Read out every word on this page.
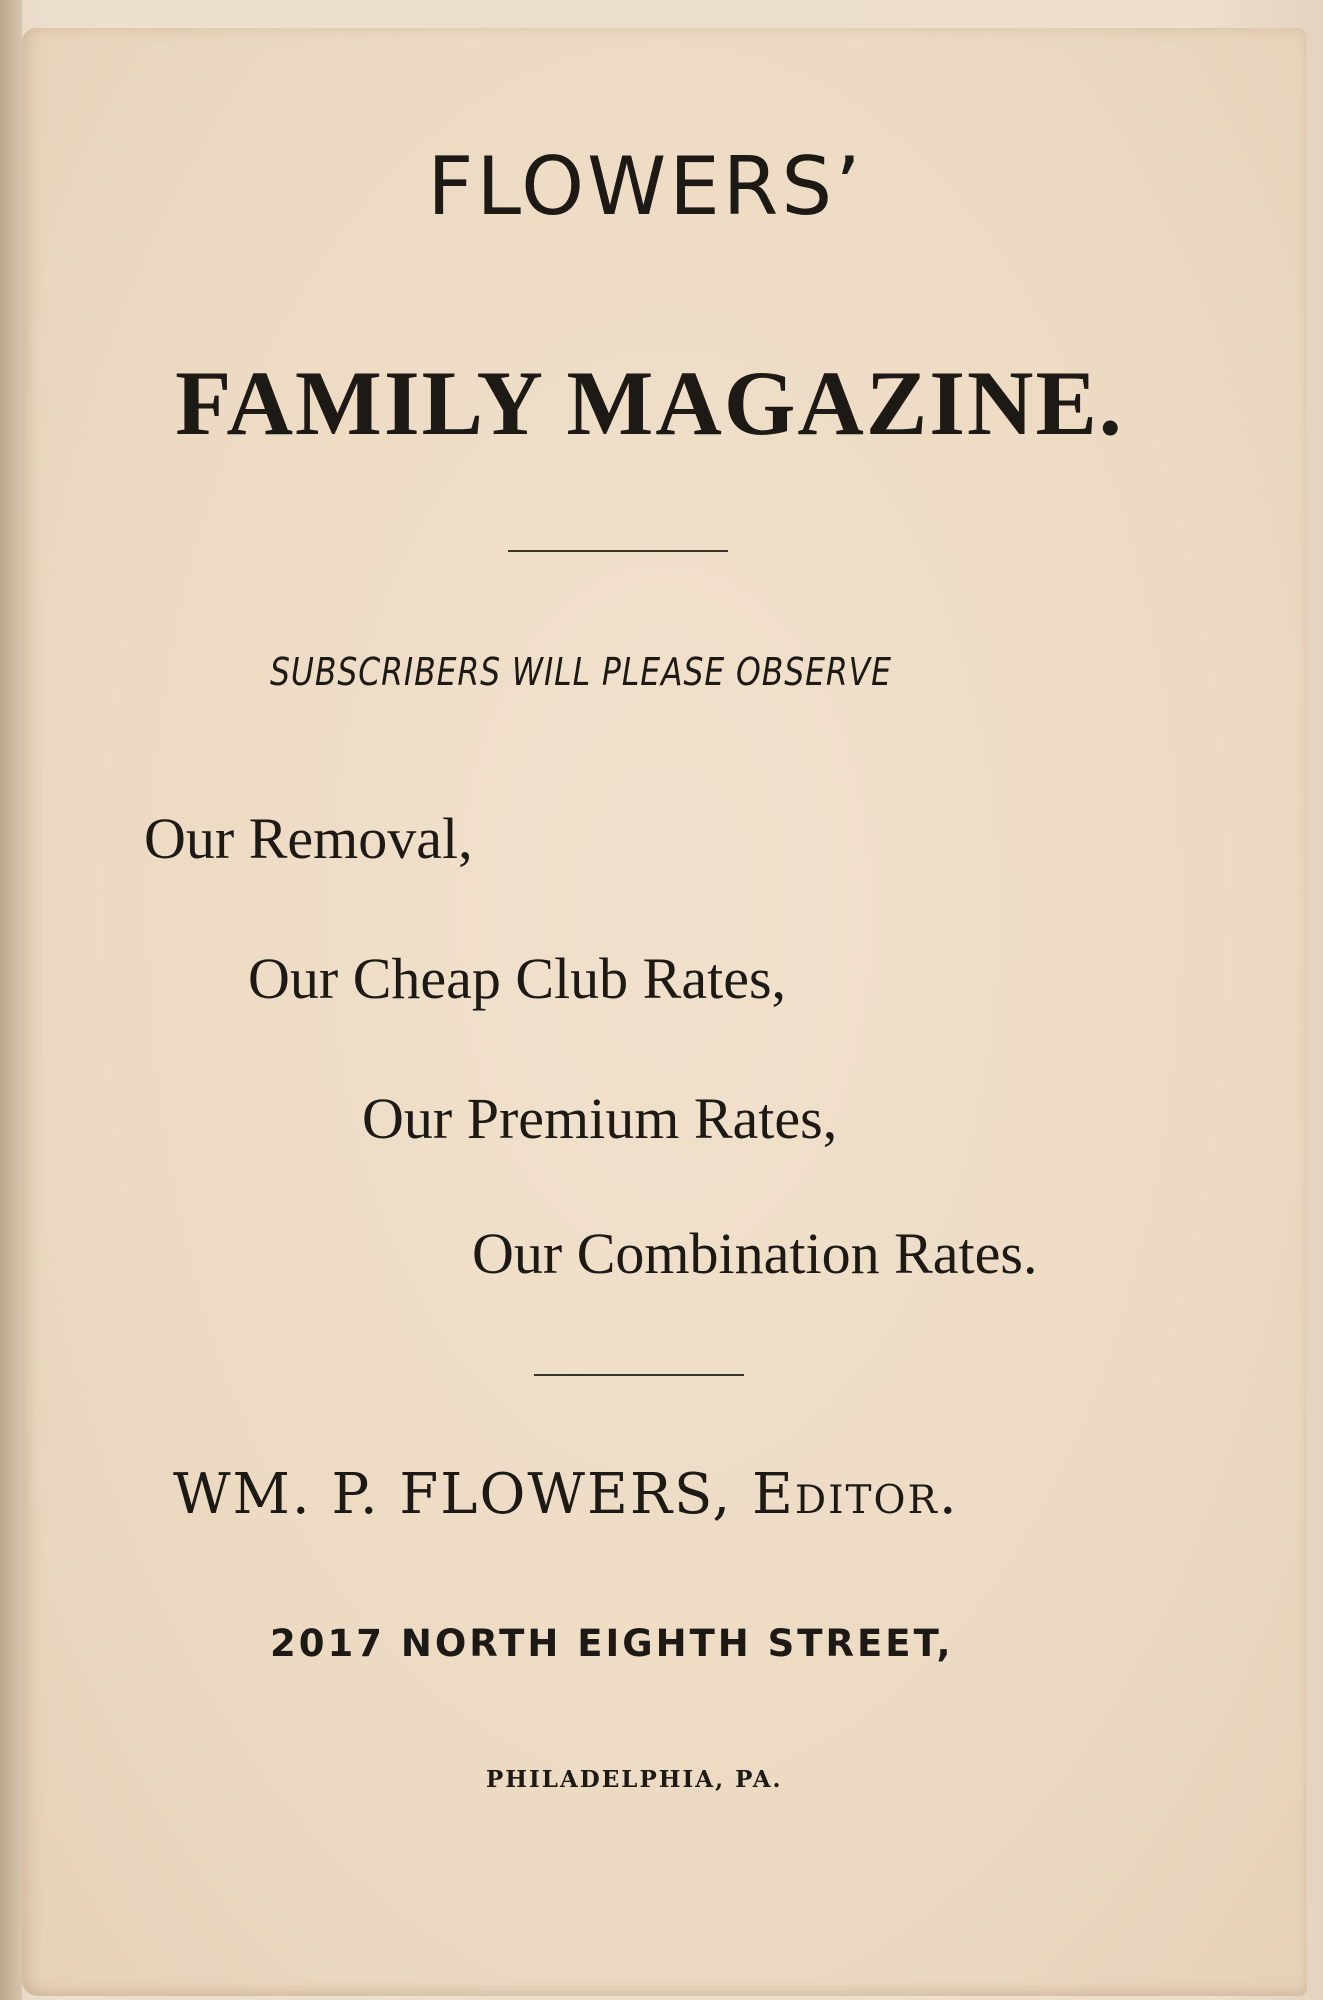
FLOWERS’
FAMILY MAGAZINE.

SUBSCRIBERS WILL PLEASE OBSERVE

Our Removal,

Our Cheap Club Rates,

Our Premium Rates,

Our Combination Rates.

WM. P. FLOWERS, Editor.

2017 NORTH EIGHTH STREET,

PHILADELPHIA, PA.
